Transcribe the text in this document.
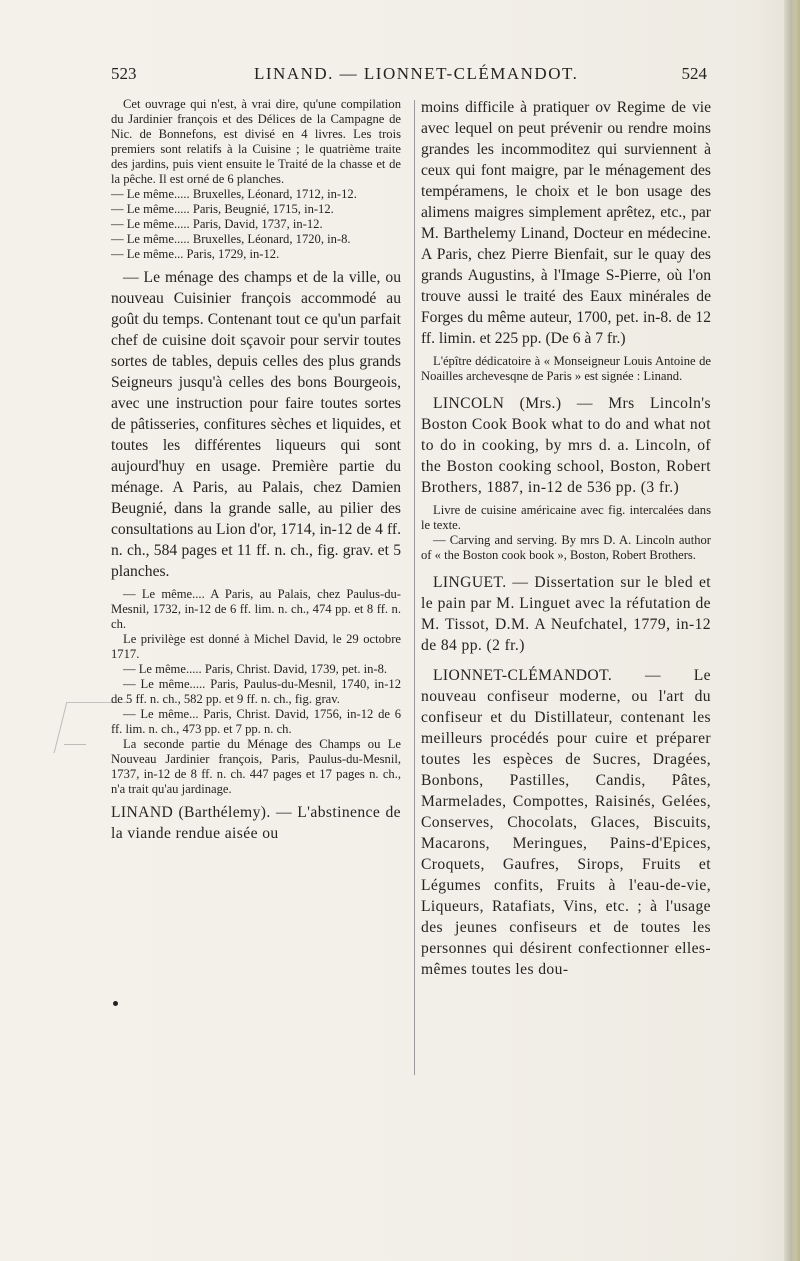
523	LINAND. — LIONNET-CLÉMANDOT.	524

Cet ouvrage qui n'est, à vrai dire, qu'une compilation du Jardinier françois et des Délices de la Campagne de Nic. de Bonnefons, est divisé en 4 livres. Les trois premiers sont relatifs à la Cuisine ; le quatrième traite des jardins, puis vient ensuite le Traité de la chasse et de la pêche. Il est orné de 6 planches.

— Le même..... Bruxelles, Léonard, 1712, in-12.

— Le même..... Paris, Beugnié, 1715, in-12.

— Le même..... Paris, David, 1737, in-12.

— Le même..... Bruxelles, Léonard, 1720, in-8.

— Le même... Paris, 1729, in-12.

— Le ménage des champs et de la ville, ou nouveau Cuisinier françois accommodé au goût du temps. Contenant tout ce qu'un parfait chef de cuisine doit sçavoir pour servir toutes sortes de tables, depuis celles des plus grands Seigneurs jusqu'à celles des bons Bourgeois, avec une instruction pour faire toutes sortes de pâtisseries, confitures sèches et liquides, et toutes les différentes liqueurs qui sont aujourd'huy en usage. Première partie du ménage. A Paris, au Palais, chez Damien Beugnié, dans la grande salle, au pilier des consultations au Lion d'or, 1714, in-12 de 4 ff. n. ch., 584 pages et 11 ff. n. ch., fig. grav. et 5 planches.

— Le même.... A Paris, au Palais, chez Paulus-du-Mesnil, 1732, in-12 de 6 ff. lim. n. ch., 474 pp. et 8 ff. n. ch.

Le privilège est donné à Michel David, le 29 octobre 1717.

— Le même..... Paris, Christ. David, 1739, pet. in-8.

— Le même..... Paris, Paulus-du-Mesnil, 1740, in-12 de 5 ff. n. ch., 582 pp. et 9 ff. n. ch., fig. grav.

— Le même... Paris, Christ. David, 1756, in-12 de 6 ff. lim. n. ch., 473 pp. et 7 pp. n. ch.

La seconde partie du Ménage des Champs ou Le Nouveau Jardinier françois, Paris, Paulus-du-Mesnil, 1737, in-12 de 8 ff. n. ch. 447 pages et 17 pages n. ch., n'a trait qu'au jardinage.

LINAND (Barthélemy). — L'abstinence de la viande rendue aisée ou

moins difficile à pratiquer ov Regime de vie avec lequel on peut prévenir ou rendre moins grandes les incommoditez qui surviennent à ceux qui font maigre, par le ménagement des tempéramens, le choix et le bon usage des alimens maigres simplement aprêtez, etc., par M. Barthelemy Linand, Docteur en médecine. A Paris, chez Pierre Bienfait, sur le quay des grands Augustins, à l'Image S-Pierre, où l'on trouve aussi le traité des Eaux minérales de Forges du même auteur, 1700, pet. in-8. de 12 ff. limin. et 225 pp. (De 6 à 7 fr.)

L'épître dédicatoire à « Monseigneur Louis Antoine de Noailles archevesqne de Paris » est signée : Linand.

LINCOLN (Mrs.) — Mrs Lincoln's Boston Cook Book what to do and what not to do in cooking, by mrs d. a. Lincoln, of the Boston cooking school, Boston, Robert Brothers, 1887, in-12 de 536 pp. (3 fr.)

Livre de cuisine américaine avec fig. intercalées dans le texte.

— Carving and serving. By mrs D. A. Lincoln author of « the Boston cook book », Boston, Robert Brothers.

LINGUET. — Dissertation sur le bled et le pain par M. Linguet avec la réfutation de M. Tissot, D.M. A Neufchatel, 1779, in-12 de 84 pp. (2 fr.)

LIONNET-CLÉMANDOT. — Le nouveau confiseur moderne, ou l'art du confiseur et du Distillateur, contenant les meilleurs procédés pour cuire et préparer toutes les espèces de Sucres, Dragées, Bonbons, Pastilles, Candis, Pâtes, Marmelades, Compottes, Raisinés, Gelées, Conserves, Chocolats, Glaces, Biscuits, Macarons, Meringues, Pains-d'Epices, Croquets, Gaufres, Sirops, Fruits et Légumes confits, Fruits à l'eau-de-vie, Liqueurs, Ratafiats, Vins, etc. ; à l'usage des jeunes confiseurs et de toutes les personnes qui désirent confectionner elles-mêmes toutes les dou-
